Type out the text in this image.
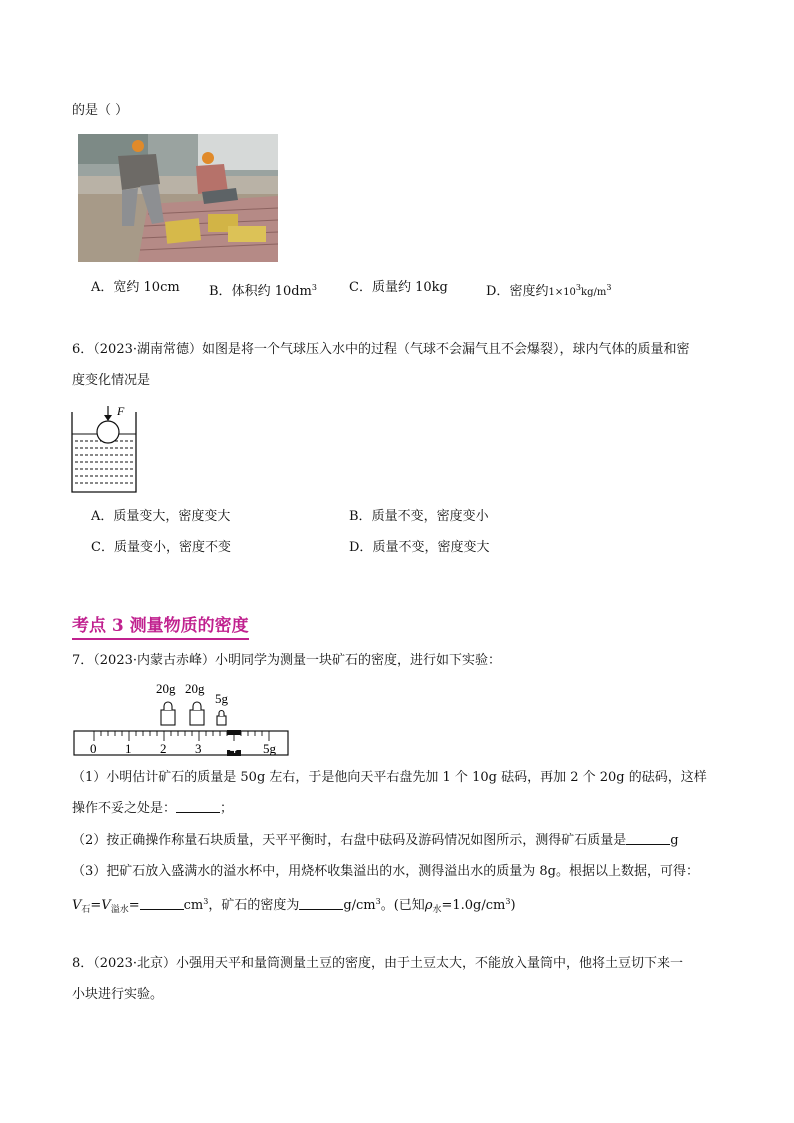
的是（ ）
A．宽约 10cm B．体积约 $10dm^3$ C．质量约 10kg	D．密度约$1\times 10^3kg/m^3$
6．（2023·湖南常德）如图是将一个气球压入水中的过程（气球不会漏气且不会爆裂），球内气体的质量和密
度变化情况是
F
A．质量变大，密度变大	B．质量不变，密度变小
C．质量变小，密度不变	D．质量不变，密度变大
考点 3 测量物质的密度
7．（2023·内蒙古赤峰）小明同学为测量一块矿石的密度，进行如下实验：
20g 20g
5g
0 1 2 3 4 5g
（1）小明估计矿石的质量是 50g 左右，于是他向天平右盘先加 1 个 10g 砝码，再加 2 个 20g 的砝码，这样
操作不妥之处是：	；
（2）按正确操作称量石块质量，天平平衡时，右盘中砝码及游码情况如图所示，测得矿石质量是	g
（3）把矿石放入盛满水的溢水杯中，用烧杯收集溢出的水，测得溢出水的质量为 8g。根据以上数据，可得：
$V_石=V_{溢水}=$	$cm^3$，矿石的密度为	$g/cm^3$。(已知$\rho_水=1.0g/cm^3$)
8．（2023·北京）小强用天平和量筒测量土豆的密度，由于土豆太大，不能放入量筒中，他将土豆切下来一
小块进行实验。
